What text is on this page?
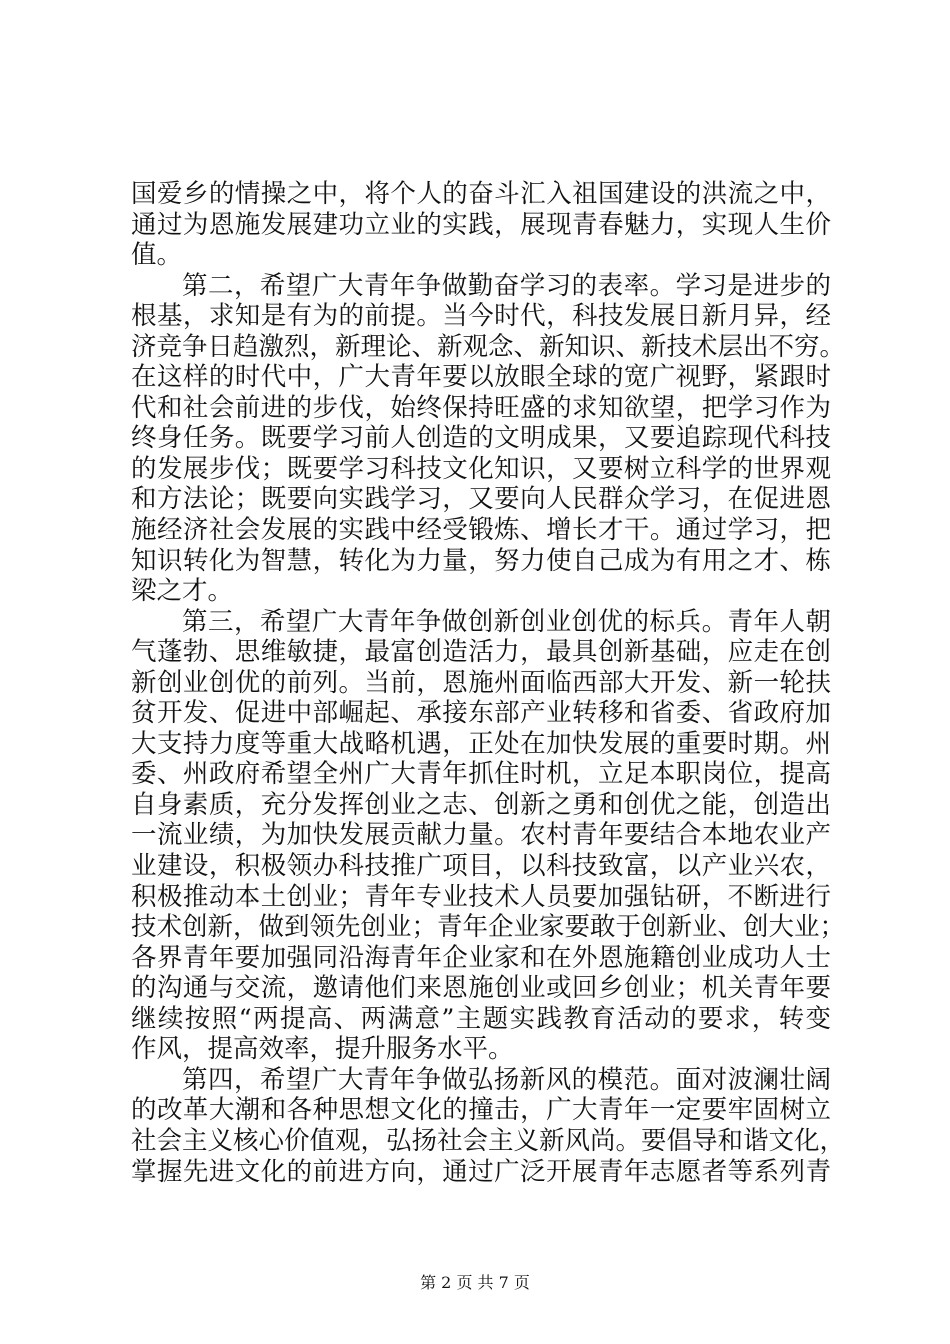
国爱乡的情操之中，将个人的奋斗汇入祖国建设的洪流之中，
通过为恩施发展建功立业的实践，展现青春魅力，实现人生价
值。
第二，希望广大青年争做勤奋学习的表率。学习是进步的
根基，求知是有为的前提。当今时代，科技发展日新月异，经
济竞争日趋激烈，新理论、新观念、新知识、新技术层出不穷。
在这样的时代中，广大青年要以放眼全球的宽广视野，紧跟时
代和社会前进的步伐，始终保持旺盛的求知欲望，把学习作为
终身任务。既要学习前人创造的文明成果，又要追踪现代科技
的发展步伐；既要学习科技文化知识，又要树立科学的世界观
和方法论；既要向实践学习，又要向人民群众学习，在促进恩
施经济社会发展的实践中经受锻炼、增长才干。通过学习，把
知识转化为智慧，转化为力量，努力使自己成为有用之才、栋
梁之才。
第三，希望广大青年争做创新创业创优的标兵。青年人朝
气蓬勃、思维敏捷，最富创造活力，最具创新基础，应走在创
新创业创优的前列。当前，恩施州面临西部大开发、新一轮扶
贫开发、促进中部崛起、承接东部产业转移和省委、省政府加
大支持力度等重大战略机遇，正处在加快发展的重要时期。州
委、州政府希望全州广大青年抓住时机，立足本职岗位，提高
自身素质，充分发挥创业之志、创新之勇和创优之能，创造出
一流业绩，为加快发展贡献力量。农村青年要结合本地农业产
业建设，积极领办科技推广项目，以科技致富，以产业兴农，
积极推动本土创业；青年专业技术人员要加强钻研，不断进行
技术创新，做到领先创业；青年企业家要敢于创新业、创大业；
各界青年要加强同沿海青年企业家和在外恩施籍创业成功人士
的沟通与交流，邀请他们来恩施创业或回乡创业；机关青年要
继续按照“两提高、两满意”主题实践教育活动的要求，转变
作风，提高效率，提升服务水平。
第四，希望广大青年争做弘扬新风的模范。面对波澜壮阔
的改革大潮和各种思想文化的撞击，广大青年一定要牢固树立
社会主义核心价值观，弘扬社会主义新风尚。要倡导和谐文化，
掌握先进文化的前进方向，通过广泛开展青年志愿者等系列青
第 2 页 共 7 页
